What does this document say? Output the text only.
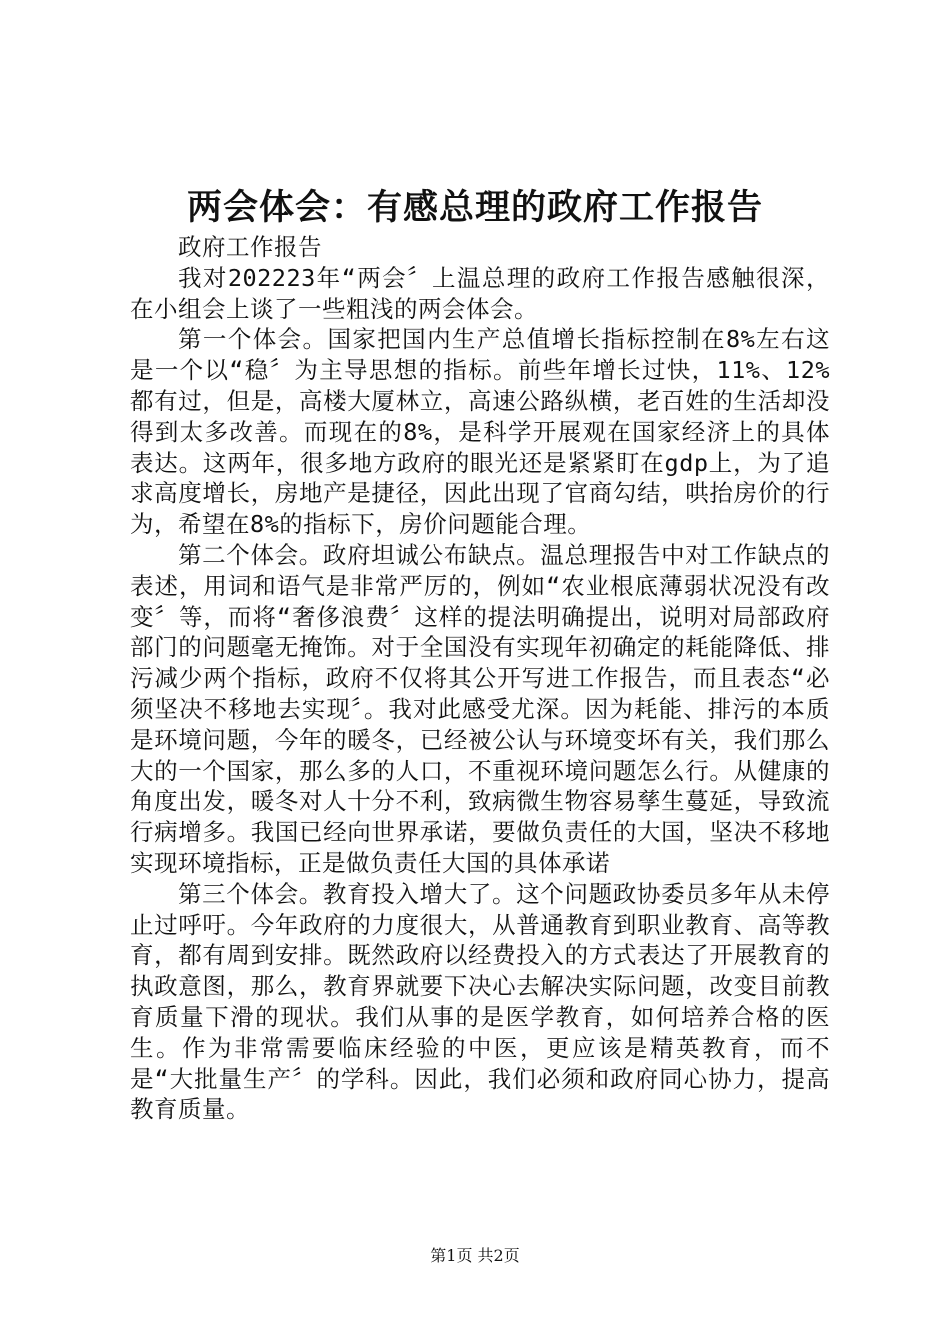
两会体会：有感总理的政府工作报告

政府工作报告

我对202223年“两会〞上温总理的政府工作报告感触很深，在小组会上谈了一些粗浅的两会体会。

第一个体会。国家把国内生产总值增长指标控制在8%左右这是一个以“稳〞为主导思想的指标。前些年增长过快，11%、12%都有过，但是，高楼大厦林立，高速公路纵横，老百姓的生活却没得到太多改善。而现在的8%，是科学开展观在国家经济上的具体表达。这两年，很多地方政府的眼光还是紧紧盯在gdp上，为了追求高度增长，房地产是捷径，因此出现了官商勾结，哄抬房价的行为，希望在8%的指标下，房价问题能合理。

第二个体会。政府坦诚公布缺点。温总理报告中对工作缺点的表述，用词和语气是非常严厉的，例如“农业根底薄弱状况没有改变〞等，而将“奢侈浪费〞这样的提法明确提出，说明对局部政府部门的问题毫无掩饰。对于全国没有实现年初确定的耗能降低、排污减少两个指标，政府不仅将其公开写进工作报告，而且表态“必须坚决不移地去实现〞。我对此感受尤深。因为耗能、排污的本质是环境问题，今年的暖冬，已经被公认与环境变坏有关，我们那么大的一个国家，那么多的人口，不重视环境问题怎么行。从健康的角度出发，暖冬对人十分不利，致病微生物容易孳生蔓延，导致流行病增多。我国已经向世界承诺，要做负责任的大国，坚决不移地实现环境指标，正是做负责任大国的具体承诺

第三个体会。教育投入增大了。这个问题政协委员多年从未停止过呼吁。今年政府的力度很大，从普通教育到职业教育、高等教育，都有周到安排。既然政府以经费投入的方式表达了开展教育的执政意图，那么，教育界就要下决心去解决实际问题，改变目前教育质量下滑的现状。我们从事的是医学教育，如何培养合格的医生。作为非常需要临床经验的中医，更应该是精英教育，而不是“大批量生产〞的学科。因此，我们必须和政府同心协力，提高教育质量。

第1页 共2页
